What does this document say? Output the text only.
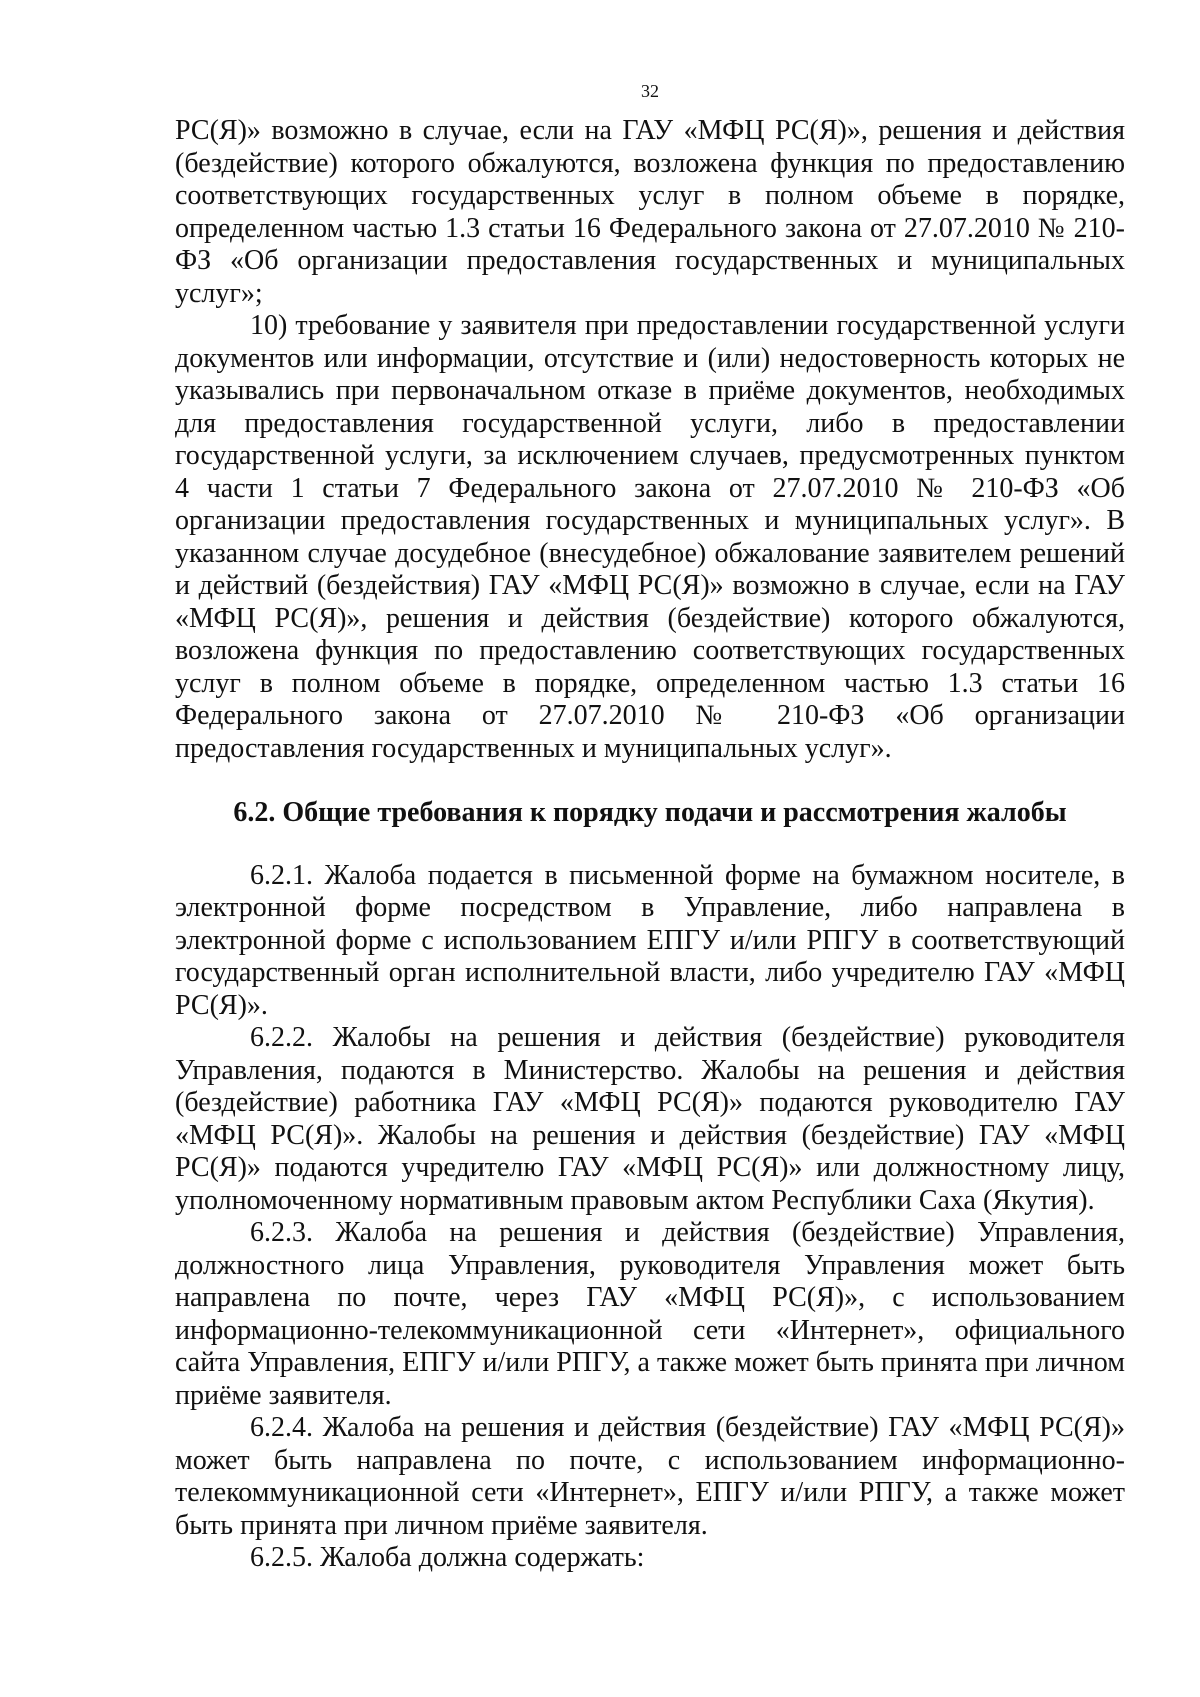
32

РС(Я)» возможно в случае, если на ГАУ «МФЦ РС(Я)», решения и действия (бездействие) которого обжалуются, возложена функция по предоставлению соответствующих государственных услуг в полном объеме в порядке, определенном частью 1.3 статьи 16 Федерального закона от 27.07.2010 № 210-ФЗ «Об организации предоставления государственных и муниципальных услуг»;

10) требование у заявителя при предоставлении государственной услуги документов или информации, отсутствие и (или) недостоверность которых не указывались при первоначальном отказе в приёме документов, необходимых для предоставления государственной услуги, либо в предоставлении государственной услуги, за исключением случаев, предусмотренных пунктом 4 части 1 статьи 7 Федерального закона от 27.07.2010 № 210-ФЗ «Об организации предоставления государственных и муниципальных услуг». В указанном случае досудебное (внесудебное) обжалование заявителем решений и действий (бездействия) ГАУ «МФЦ РС(Я)» возможно в случае, если на ГАУ «МФЦ РС(Я)», решения и действия (бездействие) которого обжалуются, возложена функция по предоставлению соответствующих государственных услуг в полном объеме в порядке, определенном частью 1.3 статьи 16 Федерального закона от 27.07.2010 № 210-ФЗ «Об организации предоставления государственных и муниципальных услуг».

6.2. Общие требования к порядку подачи и рассмотрения жалобы

6.2.1. Жалоба подается в письменной форме на бумажном носителе, в электронной форме посредством в Управление, либо направлена в электронной форме с использованием ЕПГУ и/или РПГУ в соответствующий государственный орган исполнительной власти, либо учредителю ГАУ «МФЦ РС(Я)».

6.2.2. Жалобы на решения и действия (бездействие) руководителя Управления, подаются в Министерство. Жалобы на решения и действия (бездействие) работника ГАУ «МФЦ РС(Я)» подаются руководителю ГАУ «МФЦ РС(Я)». Жалобы на решения и действия (бездействие) ГАУ «МФЦ РС(Я)» подаются учредителю ГАУ «МФЦ РС(Я)» или должностному лицу, уполномоченному нормативным правовым актом Республики Саха (Якутия).

6.2.3. Жалоба на решения и действия (бездействие) Управления, должностного лица Управления, руководителя Управления может быть направлена по почте, через ГАУ «МФЦ РС(Я)», с использованием информационно-телекоммуникационной сети «Интернет», официального сайта Управления, ЕПГУ и/или РПГУ, а также может быть принята при личном приёме заявителя.

6.2.4. Жалоба на решения и действия (бездействие) ГАУ «МФЦ РС(Я)» может быть направлена по почте, с использованием информационно-телекоммуникационной сети «Интернет», ЕПГУ и/или РПГУ, а также может быть принята при личном приёме заявителя.

6.2.5. Жалоба должна содержать:
